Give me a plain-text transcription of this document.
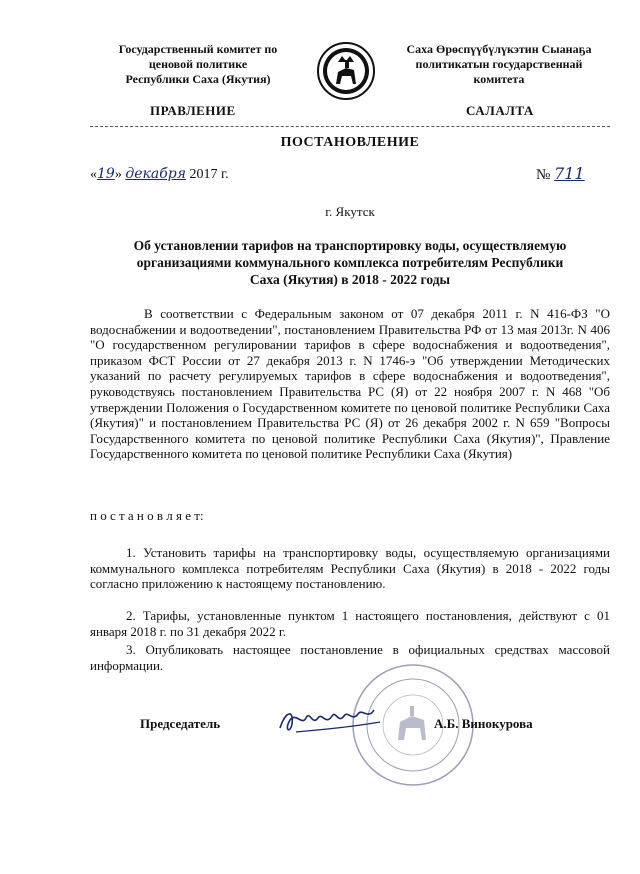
Государственный комитет по
ценовой политике
Республики Саха (Якутия)
Саха Өрөспүүбүлүкэтин Сыанаҕа
политикатын государственнай
комитета
ПРАВЛЕНИЕ	САЛАЛТА
ПОСТАНОВЛЕНИЕ
«19» декабря 2017 г.	№ 711
г. Якутск
Об установлении тарифов на транспортировку воды, осуществляемую
организациями коммунального комплекса потребителям Республики
Саха (Якутия) в 2018 - 2022 годы
В соответствии с Федеральным законом от 07 декабря 2011 г. N 416-ФЗ "О водоснабжении и водоотведении", постановлением Правительства РФ от 13 мая 2013г. N 406 "О государственном регулировании тарифов в сфере водоснабжения и водоотведения", приказом ФСТ России от 27 декабря 2013 г. N 1746-э "Об утверждении Методических указаний по расчету регулируемых тарифов в сфере водоснабжения и водоотведения", руководствуясь постановлением Правительства РС (Я) от 22 ноября 2007 г. N 468 "Об утверждении Положения о Государственном комитете по ценовой политике Республики Саха (Якутия)" и постановлением Правительства РС (Я) от 26 декабря 2002 г. N 659 "Вопросы Государственного комитета по ценовой политике Республики Саха (Якутия)", Правление Государственного комитета по ценовой политике Республики Саха (Якутия)
п о с т а н о в л я е т:
1. Установить тарифы на транспортировку воды, осуществляемую организациями коммунального комплекса потребителям Республики Саха (Якутия) в 2018 - 2022 годы согласно приложению к настоящему постановлению.
2. Тарифы, установленные пунктом 1 настоящего постановления, действуют с 01 января 2018 г. по 31 декабря 2022 г.
3. Опубликовать настоящее постановление в официальных средствах массовой информации.
Председатель	А.Б. Винокурова
